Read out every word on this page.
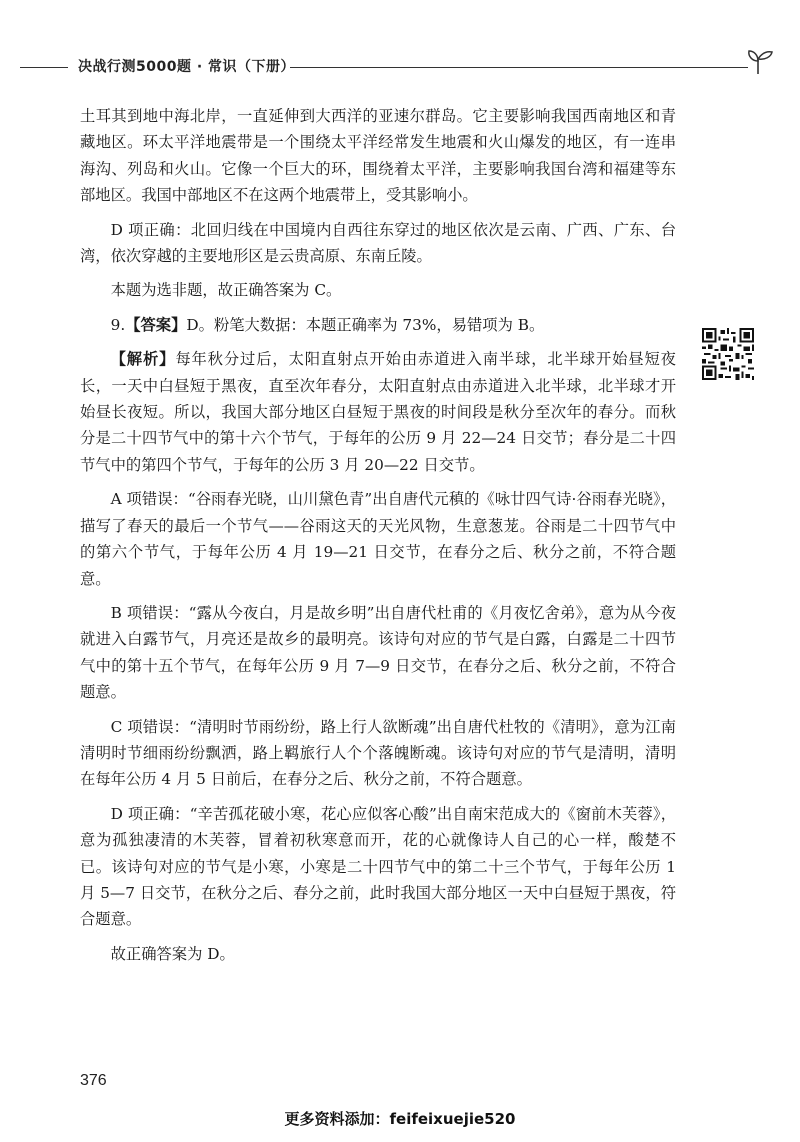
决战行测5000题 · 常识（下册）

土耳其到地中海北岸，一直延伸到大西洋的亚速尔群岛。它主要影响我国西南地区和青藏地区。环太平洋地震带是一个围绕太平洋经常发生地震和火山爆发的地区，有一连串海沟、列岛和火山。它像一个巨大的环，围绕着太平洋，主要影响我国台湾和福建等东部地区。我国中部地区不在这两个地震带上，受其影响小。

D 项正确：北回归线在中国境内自西往东穿过的地区依次是云南、广西、广东、台湾，依次穿越的主要地形区是云贵高原、东南丘陵。

本题为选非题，故正确答案为 C。

9.【答案】D。粉笔大数据：本题正确率为 73%，易错项为 B。

【解析】每年秋分过后，太阳直射点开始由赤道进入南半球，北半球开始昼短夜长，一天中白昼短于黑夜，直至次年春分，太阳直射点由赤道进入北半球，北半球才开始昼长夜短。所以，我国大部分地区白昼短于黑夜的时间段是秋分至次年的春分。而秋分是二十四节气中的第十六个节气，于每年的公历 9 月 22—24 日交节；春分是二十四节气中的第四个节气，于每年的公历 3 月 20—22 日交节。

A 项错误：“谷雨春光晓，山川黛色青”出自唐代元稹的《咏廿四气诗·谷雨春光晓》，描写了春天的最后一个节气——谷雨这天的天光风物，生意葱茏。谷雨是二十四节气中的第六个节气，于每年公历 4 月 19—21 日交节，在春分之后、秋分之前，不符合题意。

B 项错误：“露从今夜白，月是故乡明”出自唐代杜甫的《月夜忆舍弟》，意为从今夜就进入白露节气，月亮还是故乡的最明亮。该诗句对应的节气是白露，白露是二十四节气中的第十五个节气，在每年公历 9 月 7—9 日交节，在春分之后、秋分之前，不符合题意。

C 项错误：“清明时节雨纷纷，路上行人欲断魂”出自唐代杜牧的《清明》，意为江南清明时节细雨纷纷飘洒，路上羁旅行人个个落魄断魂。该诗句对应的节气是清明，清明在每年公历 4 月 5 日前后，在春分之后、秋分之前，不符合题意。

D 项正确：“辛苦孤花破小寒，花心应似客心酸”出自南宋范成大的《窗前木芙蓉》，意为孤独凄清的木芙蓉，冒着初秋寒意而开，花的心就像诗人自己的心一样，酸楚不已。该诗句对应的节气是小寒，小寒是二十四节气中的第二十三个节气，于每年公历 1 月 5—7 日交节，在秋分之后、春分之前，此时我国大部分地区一天中白昼短于黑夜，符合题意。

故正确答案为 D。

376
更多资料添加：feifeixuejie520
